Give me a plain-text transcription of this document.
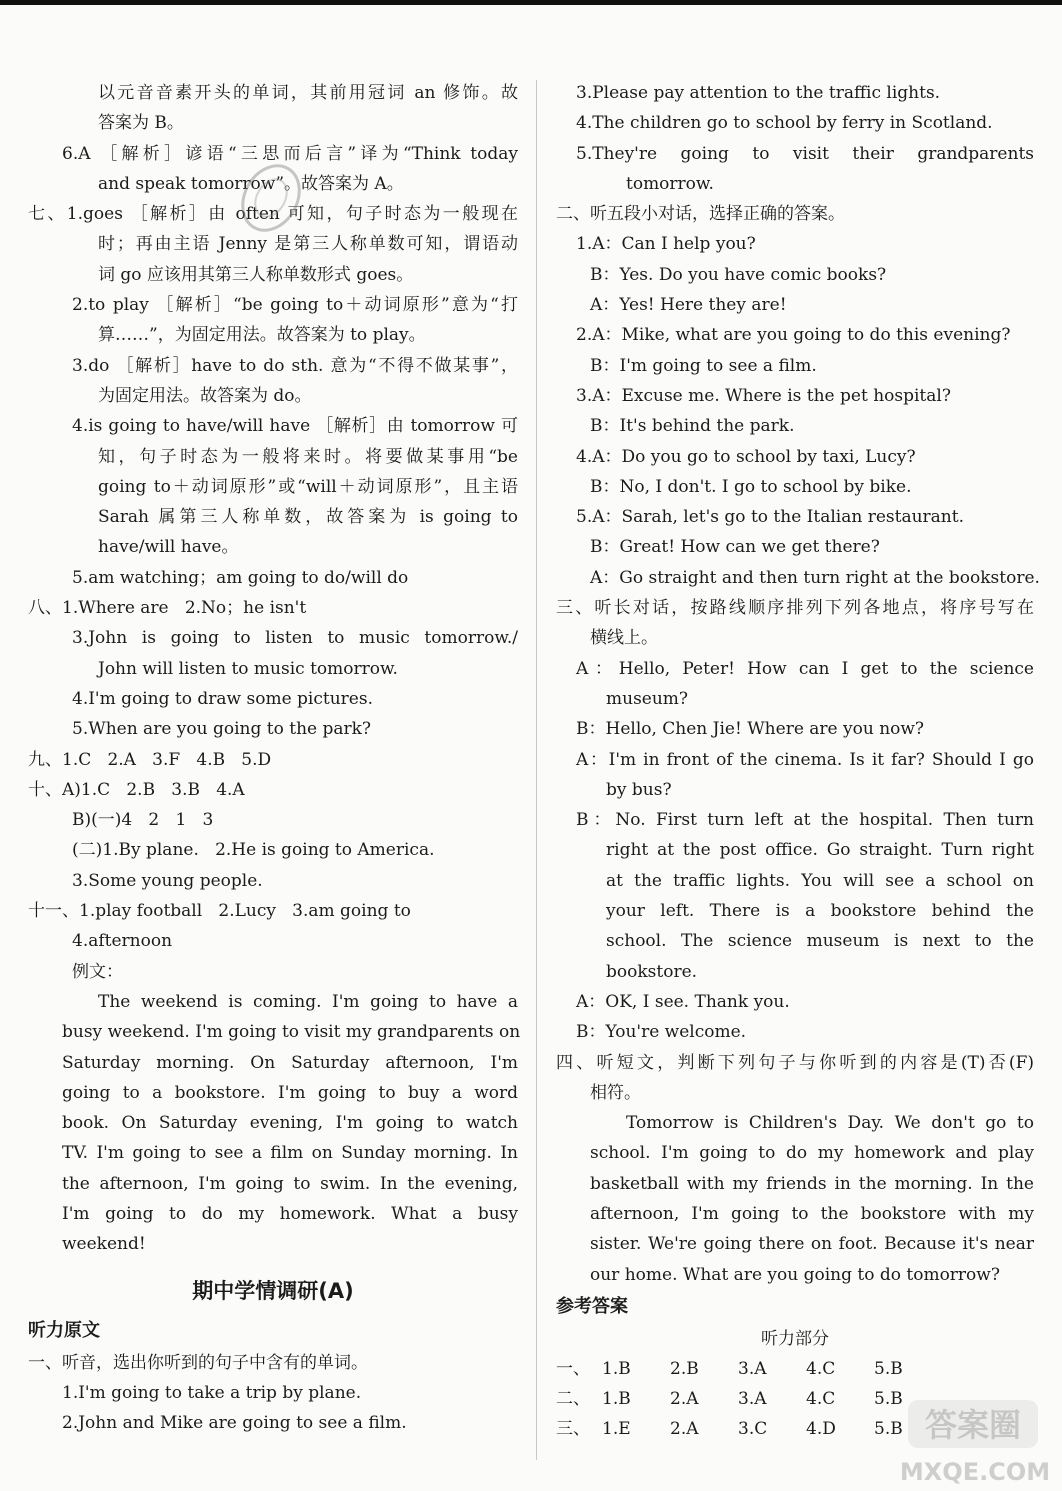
以元音音素开头的单词，其前用冠词 an 修饰。故
答案为 B。
6.A ［解析］谚语“三思而后言”译为“Think today
and speak tomorrow”。故答案为 A。
七、1.goes ［解析］由 often 可知，句子时态为一般现在
时；再由主语 Jenny 是第三人称单数可知，谓语动
词 go 应该用其第三人称单数形式 goes。
2.to play ［解析］“be going to＋动词原形”意为“打
算……”，为固定用法。故答案为 to play。
3.do ［解析］have to do sth. 意为“不得不做某事”，
为固定用法。故答案为 do。
4.is going to have/will have ［解析］由 tomorrow 可
知，句子时态为一般将来时。将要做某事用“be
going to＋动词原形”或“will＋动词原形”，且主语
Sarah 属第三人称单数，故答案为 is going to
have/will have。
5.am watching；am going to do/will do
八、1.Where are   2.No；he isn't
3.John is going to listen to music tomorrow./
John will listen to music tomorrow.
4.I'm going to draw some pictures.
5.When are you going to the park?
九、1.C   2.A   3.F   4.B   5.D
十、A)1.C   2.B   3.B   4.A
B)(一)4   2   1   3
(二)1.By plane.   2.He is going to America.
3.Some young people.
十一、1.play football   2.Lucy   3.am going to
4.afternoon
例文：
The weekend is coming. I'm going to have a
busy weekend. I'm going to visit my grandparents on
Saturday morning. On Saturday afternoon, I'm
going to a bookstore. I'm going to buy a word
book. On Saturday evening, I'm going to watch
TV. I'm going to see a film on Sunday morning. In
the afternoon, I'm going to swim. In the evening,
I'm going to do my homework. What a busy
weekend!
期中学情调研(A)
听力原文
一、听音，选出你听到的句子中含有的单词。
1.I'm going to take a trip by plane.
2.John and Mike are going to see a film.
3.Please pay attention to the traffic lights.
4.The children go to school by ferry in Scotland.
5.They're going to visit their grandparents
tomorrow.
二、听五段小对话，选择正确的答案。
1.A：Can I help you?
B：Yes. Do you have comic books?
A：Yes! Here they are!
2.A：Mike, what are you going to do this evening?
B：I'm going to see a film.
3.A：Excuse me. Where is the pet hospital?
B：It's behind the park.
4.A：Do you go to school by taxi, Lucy?
B：No, I don't. I go to school by bike.
5.A：Sarah, let's go to the Italian restaurant.
B：Great! How can we get there?
A：Go straight and then turn right at the bookstore.
三、听长对话，按路线顺序排列下列各地点，将序号写在
横线上。
A：Hello, Peter! How can I get to the science
museum?
B：Hello, Chen Jie! Where are you now?
A：I'm in front of the cinema. Is it far? Should I go
by bus?
B：No. First turn left at the hospital. Then turn
right at the post office. Go straight. Turn right
at the traffic lights. You will see a school on
your left. There is a bookstore behind the
school. The science museum is next to the
bookstore.
A：OK, I see. Thank you.
B：You're welcome.
四、听短文，判断下列句子与你听到的内容是(T)否(F)
相符。
Tomorrow is Children's Day. We don't go to
school. I'm going to do my homework and play
basketball with my friends in the morning. In the
afternoon, I'm going to the bookstore with my
sister. We're going there on foot. Because it's near
our home. What are you going to do tomorrow?
参考答案
听力部分
一、 1.B	2.B	3.A	4.C	5.B
二、 1.B	2.A	3.A	4.C	5.B
三、 1.E	2.A	3.C	4.D	5.B 答案圈
MXQE.COM
